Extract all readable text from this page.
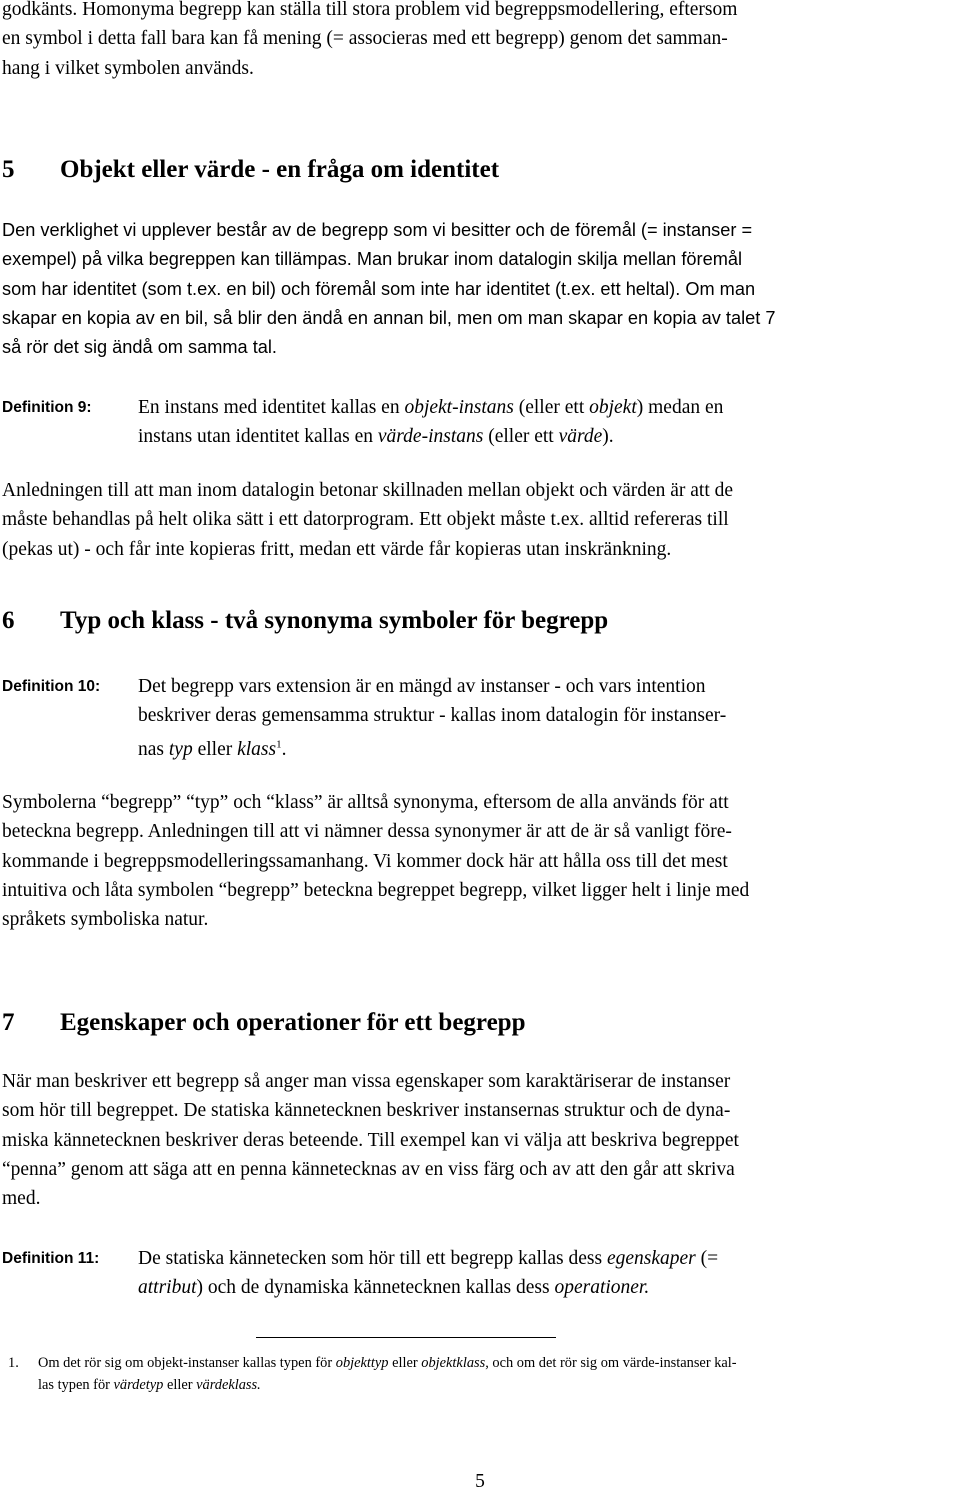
godkänts. Homonyma begrepp kan ställa till stora problem vid begreppsmodellering, eftersom
en symbol i detta fall bara kan få mening (= associeras med ett begrepp) genom det samman-
hang i vilket symbolen används.

5 Objekt eller värde - en fråga om identitet

Den verklighet vi upplever består av de begrepp som vi besitter och de föremål (= instanser =
exempel) på vilka begreppen kan tillämpas. Man brukar inom datalogin skilja mellan föremål
som har identitet (som t.ex. en bil) och föremål som inte har identitet (t.ex. ett heltal). Om man
skapar en kopia av en bil, så blir den ändå en annan bil, men om man skapar en kopia av talet 7
så rör det sig ändå om samma tal.

Definition 9: En instans med identitet kallas en objekt-instans (eller ett objekt) medan en
instans utan identitet kallas en värde-instans (eller ett värde).

Anledningen till att man inom datalogin betonar skillnaden mellan objekt och värden är att de
måste behandlas på helt olika sätt i ett datorprogram. Ett objekt måste t.ex. alltid refereras till
(pekas ut) - och får inte kopieras fritt, medan ett värde får kopieras utan inskränkning.

6 Typ och klass - två synonyma symboler för begrepp
Definition 10: Det begrepp vars extension är en mängd av instanser - och vars intention
beskriver deras gemensamma struktur - kallas inom datalogin för instanser-
nas typ eller klass$^1$.

Symbolerna “begrepp” “typ” och “klass” är alltså synonyma, eftersom de alla används för att
beteckna begrepp. Anledningen till att vi nämner dessa synonymer är att de är så vanligt före-
kommande i begreppsmodelleringssamanhang. Vi kommer dock här att hålla oss till det mest
intuitiva och låta symbolen “begrepp” beteckna begreppet begrepp, vilket ligger helt i linje med
språkets symboliska natur.

7 Egenskaper och operationer för ett begrepp

När man beskriver ett begrepp så anger man vissa egenskaper som karaktäriserar de instanser
som hör till begreppet. De statiska kännetecknen beskriver instansernas struktur och de dyna-
miska kännetecknen beskriver deras beteende. Till exempel kan vi välja att beskriva begreppet
“penna” genom att säga att en penna kännetecknas av en viss färg och av att den går att skriva
med.

Definition 11: De statiska kännetecken som hör till ett begrepp kallas dess egenskaper (=
attribut) och de dynamiska kännetecknen kallas dess operationer.

1. Om det rör sig om objekt-instanser kallas typen för objekttyp eller objektklass, och om det rör sig om värde-instanser kal-
las typen för värdetyp eller värdeklass.

5
